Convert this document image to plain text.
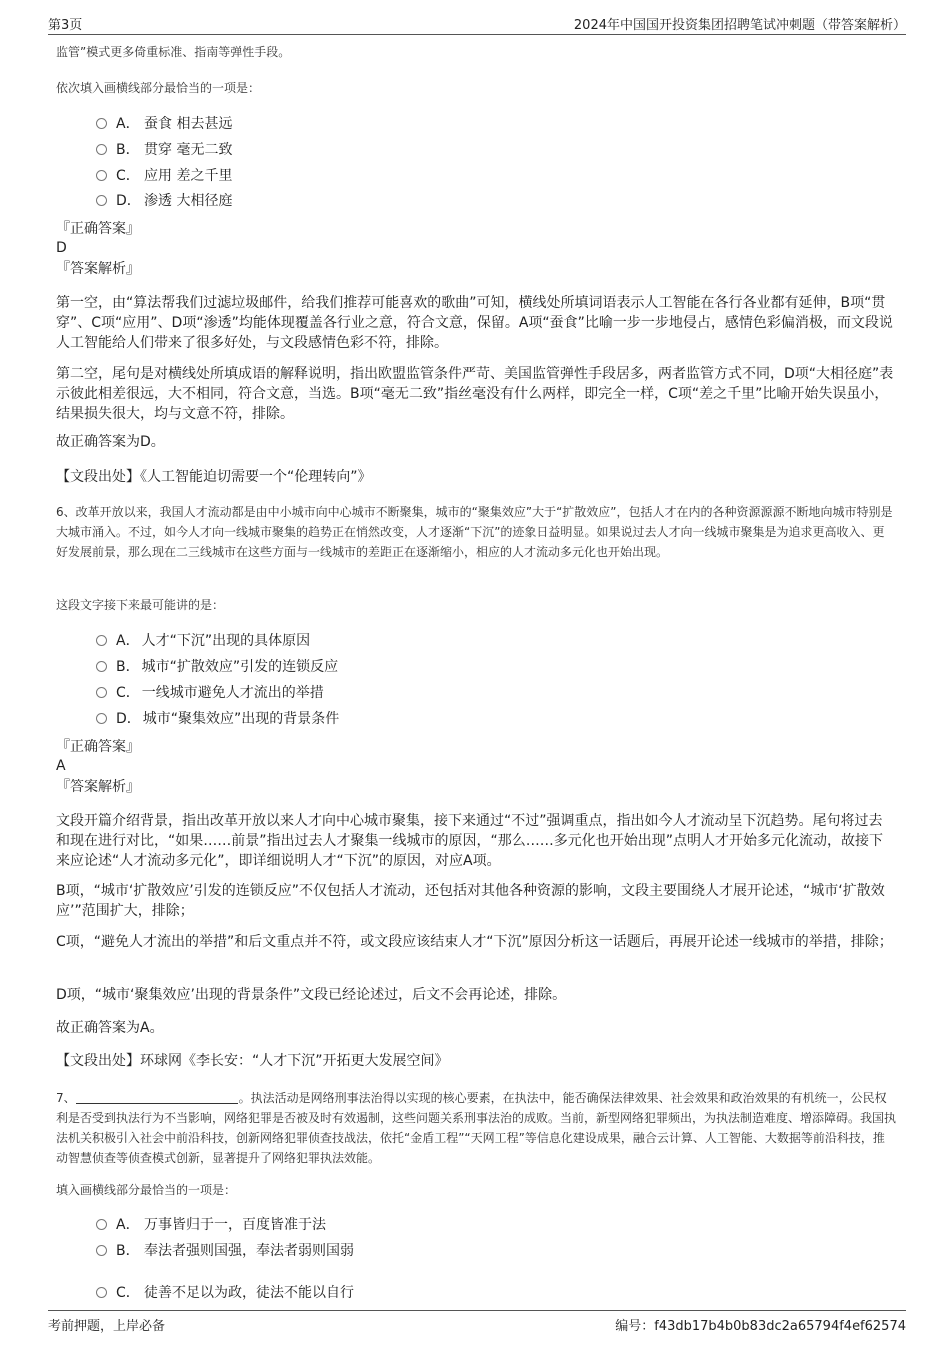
第3页	2024年中国国开投资集团招聘笔试冲刺题（带答案解析）
监管”模式更多倚重标准、指南等弹性手段。
依次填入画横线部分最恰当的一项是：
A． 蚕食 相去甚远
B． 贯穿 毫无二致
C． 应用 差之千里
D． 渗透 大相径庭
『正确答案』
D
『答案解析』
第一空，由“算法帮我们过滤垃圾邮件，给我们推荐可能喜欢的歌曲”可知，横线处所填词语表示人工智能在各行各业都有延伸，B项“贯穿”、C项“应用”、D项“渗透”均能体现覆盖各行业之意，符合文意，保留。A项“蚕食”比喻一步一步地侵占，感情色彩偏消极，而文段说人工智能给人们带来了很多好处，与文段感情色彩不符，排除。
第二空，尾句是对横线处所填成语的解释说明，指出欧盟监管条件严苛、美国监管弹性手段居多，两者监管方式不同，D项“大相径庭”表示彼此相差很远，大不相同，符合文意，当选。B项“毫无二致”指丝毫没有什么两样，即完全一样，C项“差之千里”比喻开始失误虽小，结果损失很大，均与文意不符，排除。
故正确答案为D。
【文段出处】《人工智能迫切需要一个“伦理转向”》
6、改革开放以来，我国人才流动都是由中小城市向中心城市不断聚集，城市的“聚集效应”大于“扩散效应”，包括人才在内的各种资源源源不断地向城市特别是大城市涌入。不过，如今人才向一线城市聚集的趋势正在悄然改变，人才逐渐“下沉”的迹象日益明显。如果说过去人才向一线城市聚集是为追求更高收入、更好发展前景，那么现在二三线城市在这些方面与一线城市的差距正在逐渐缩小，相应的人才流动多元化也开始出现。
这段文字接下来最可能讲的是：
A． 人才“下沉”出现的具体原因
B． 城市“扩散效应”引发的连锁反应
C． 一线城市避免人才流出的举措
D． 城市“聚集效应”出现的背景条件
『正确答案』
A
『答案解析』
文段开篇介绍背景，指出改革开放以来人才向中心城市聚集，接下来通过“不过”强调重点，指出如今人才流动呈下沉趋势。尾句将过去和现在进行对比，“如果……前景”指出过去人才聚集一线城市的原因，“那么……多元化也开始出现”点明人才开始多元化流动，故接下来应论述“人才流动多元化”，即详细说明人才“下沉”的原因，对应A项。
B项，“城市‘扩散效应’引发的连锁反应”不仅包括人才流动，还包括对其他各种资源的影响，文段主要围绕人才展开论述，“城市‘扩散效应’”范围扩大，排除；
C项，“避免人才流出的举措”和后文重点并不符，或文段应该结束人才“下沉”原因分析这一话题后，再展开论述一线城市的举措，排除；
D项，“城市‘聚集效应’出现的背景条件”文段已经论述过，后文不会再论述，排除。
故正确答案为A。
【文段出处】环球网《李长安：“人才下沉”开拓更大发展空间》
7、	。执法活动是网络刑事法治得以实现的核心要素，在执法中，能否确保法律效果、社会效果和政治效果的有机统一，公民权利是否受到执法行为不当影响，网络犯罪是否被及时有效遏制，这些问题关系刑事法治的成败。当前，新型网络犯罪频出，为执法制造难度、增添障碍。我国执法机关积极引入社会中前沿科技，创新网络犯罪侦查技战法，依托“金盾工程”“天网工程”等信息化建设成果，融合云计算、人工智能、大数据等前沿科技，推动智慧侦查等侦查模式创新，显著提升了网络犯罪执法效能。
填入画横线部分最恰当的一项是：
A． 万事皆归于一，百度皆准于法
B． 奉法者强则国强，奉法者弱则国弱
C． 徒善不足以为政，徒法不能以自行
考前押题，上岸必备	编号：f43db17b4b0b83dc2a65794f4ef62574
